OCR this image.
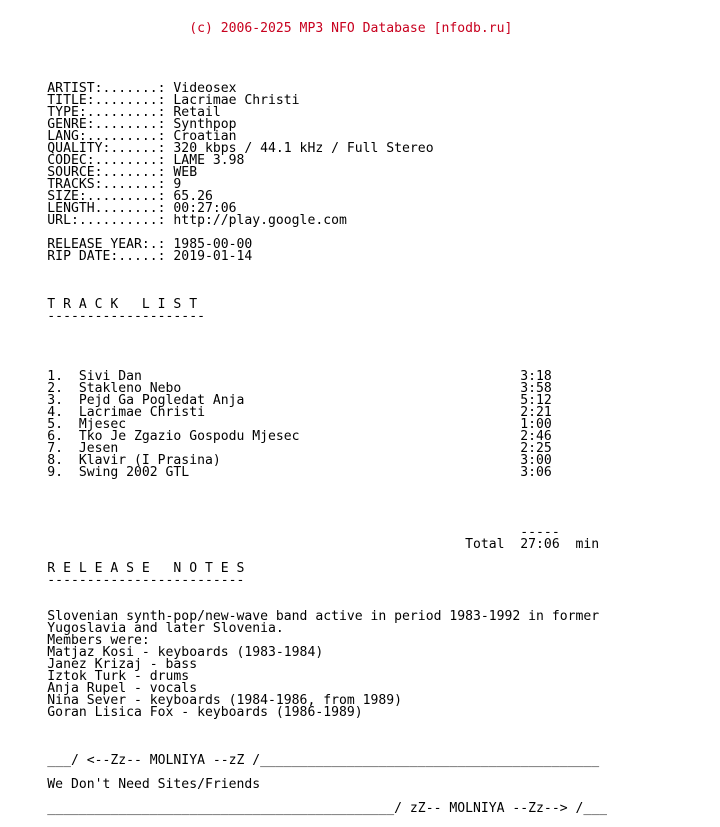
(c) 2006-2025 MP3 NFO Database [nfodb.ru]

ARTIST:.......: Videosex
TITLE:........: Lacrimae Christi
TYPE:.........: Retail
GENRE:........: Synthpop
LANG:.........: Croatian
QUALITY:......: 320 kbps / 44.1 kHz / Full Stereo
CODEC:........: LAME 3.98
SOURCE:.......: WEB
TRACKS:.......: 9
SIZE:.........: 65.26
LENGTH........: 00:27:06
URL:..........: http://play.google.com
RELEASE YEAR:.: 1985-00-00
RIP DATE:.....: 2019-01-14
T R A C K   L I S T
--------------------
1.  Sivi Dan                                                3:18
2.  Stakleno Nebo                                           3:58
3.  Pejd Ga Pogledat Anja                                   5:12
4.  Lacrimae Christi                                        2:21
5.  Mjesec                                                  1:00
6.  Tko Je Zgazio Gospodu Mjesec                            2:46
7.  Jesen                                                   2:25
8.  Klavir (I Prasina)                                      3:00
9.  Swing 2002 GTL                                          3:06
-----
Total  27:06  min
R E L E A S E   N O T E S
-------------------------
Slovenian synth-pop/new-wave band active in period 1983-1992 in former
Yugoslavia and later Slovenia.
Members were:
Matjaz Kosi - keyboards (1983-1984)
Janez Krizaj - bass
Iztok Turk - drums
Anja Rupel - vocals
Nina Sever - keyboards (1984-1986, from 1989)
Goran Lisica Fox - keyboards (1986-1989)
___/ <--Zz-- MOLNIYA --zZ /___________________________________________
We Don't Need Sites/Friends
____________________________________________/ zZ-- MOLNIYA --Zz--> /___
